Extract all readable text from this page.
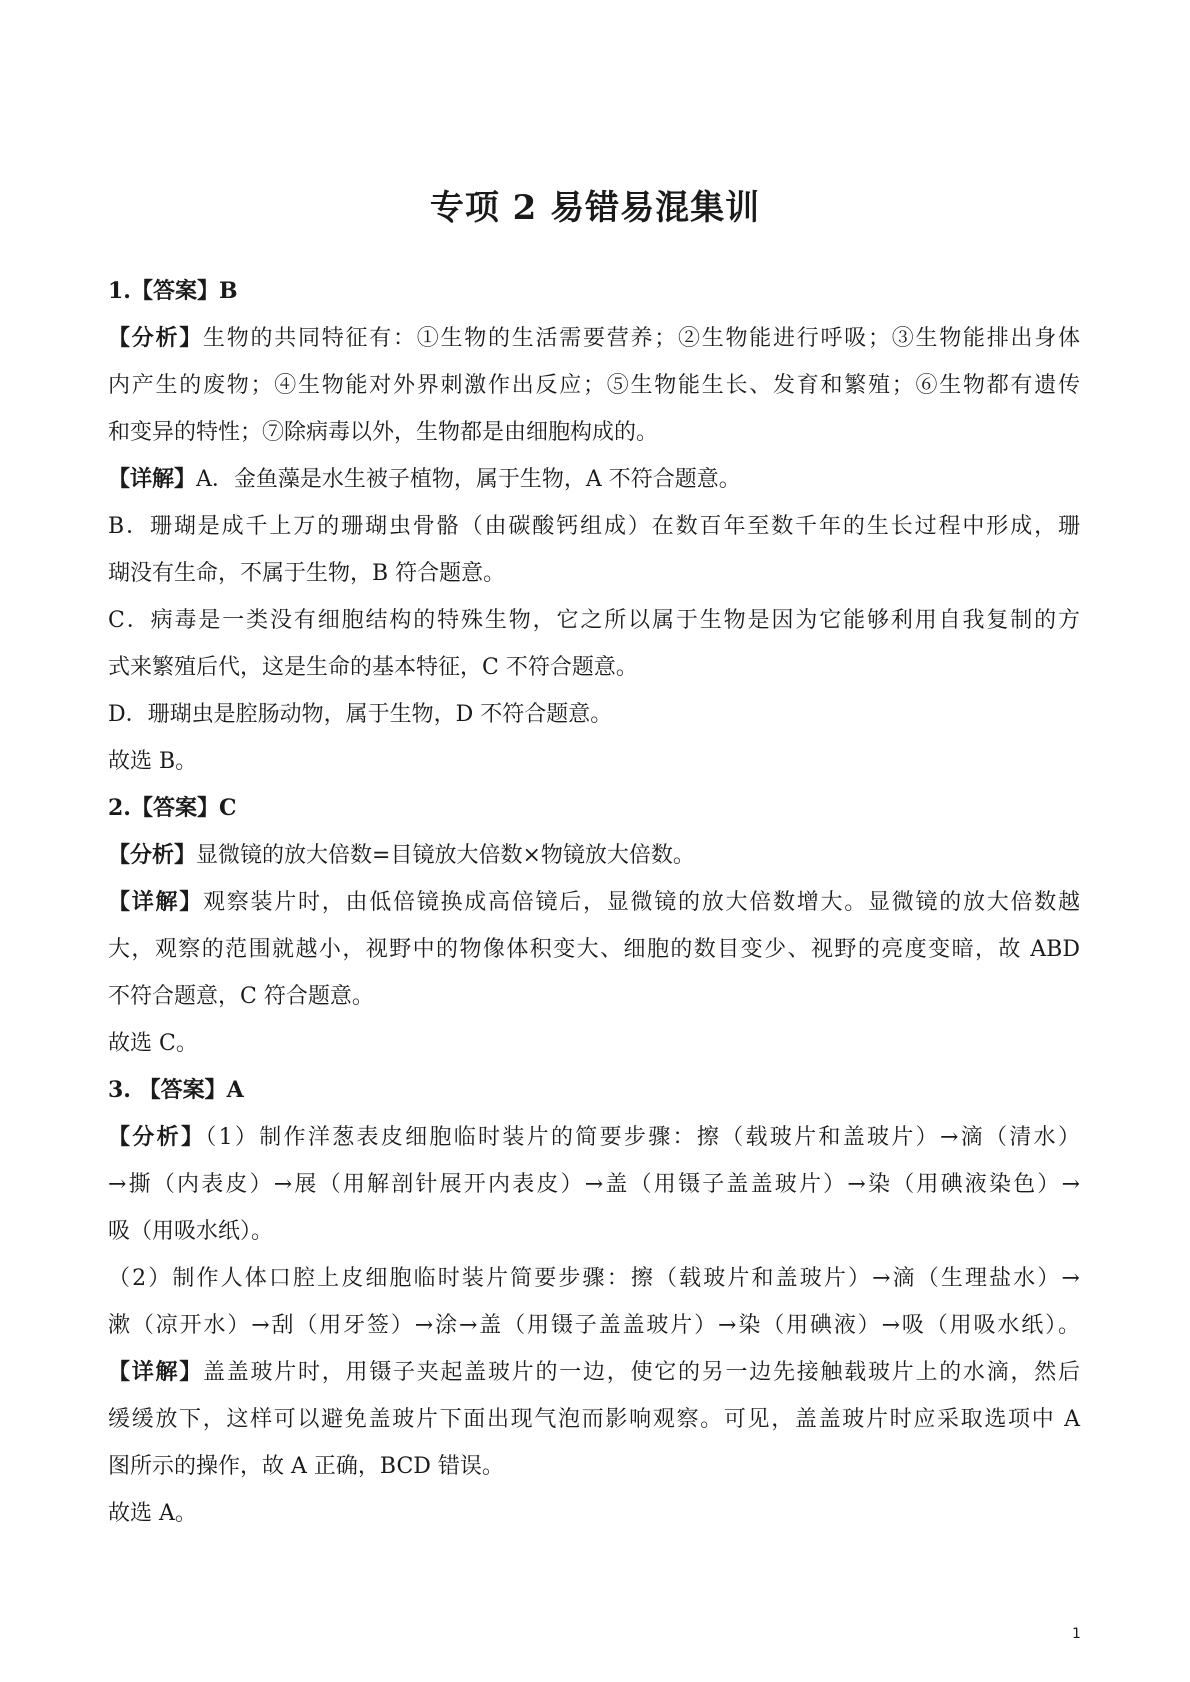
专项 2 易错易混集训
1.【答案】B
【分析】生物的共同特征有：①生物的生活需要营养；②生物能进行呼吸；③生物能排出身体
内产生的废物；④生物能对外界刺激作出反应；⑤生物能生长、发育和繁殖；⑥生物都有遗传
和变异的特性；⑦除病毒以外，生物都是由细胞构成的。
【详解】A．金鱼藻是水生被子植物，属于生物，A 不符合题意。
B．珊瑚是成千上万的珊瑚虫骨骼（由碳酸钙组成）在数百年至数千年的生长过程中形成，珊
瑚没有生命，不属于生物，B 符合题意。
C．病毒是一类没有细胞结构的特殊生物，它之所以属于生物是因为它能够利用自我复制的方
式来繁殖后代，这是生命的基本特征，C 不符合题意。
D．珊瑚虫是腔肠动物，属于生物，D 不符合题意。
故选 B。
2.【答案】C
【分析】显微镜的放大倍数=目镜放大倍数×物镜放大倍数。
【详解】观察装片时，由低倍镜换成高倍镜后，显微镜的放大倍数增大。显微镜的放大倍数越
大，观察的范围就越小，视野中的物像体积变大、细胞的数目变少、视野的亮度变暗，故 ABD
不符合题意，C 符合题意。
故选 C。
3. 【答案】A
【分析】（1）制作洋葱表皮细胞临时装片的简要步骤：擦（载玻片和盖玻片）→滴（清水）
→撕（内表皮）→展（用解剖针展开内表皮）→盖（用镊子盖盖玻片）→染（用碘液染色）→
吸（用吸水纸）。
（2）制作人体口腔上皮细胞临时装片简要步骤：擦（载玻片和盖玻片）→滴（生理盐水）→
漱（凉开水）→刮（用牙签）→涂→盖（用镊子盖盖玻片）→染（用碘液）→吸（用吸水纸）。
【详解】盖盖玻片时，用镊子夹起盖玻片的一边，使它的另一边先接触载玻片上的水滴，然后
缓缓放下，这样可以避免盖玻片下面出现气泡而影响观察。可见，盖盖玻片时应采取选项中 A
图所示的操作，故 A 正确，BCD 错误。
故选 A。
1
